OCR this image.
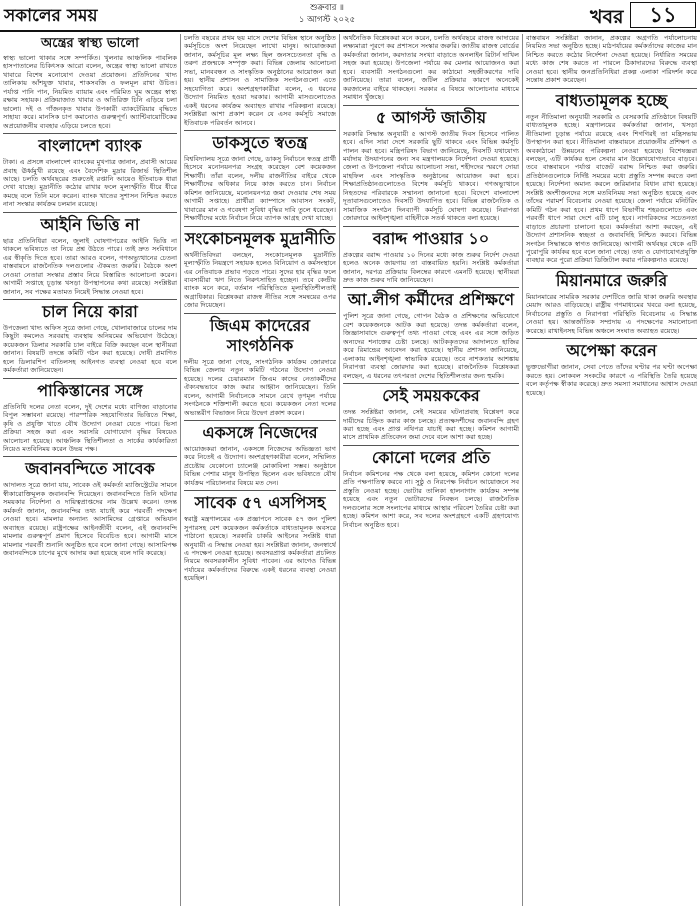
সকালের সময়	শুক্রবার ॥
১ আগস্ট ২০২৫	খবর	১১
অন্ত্রের স্বাস্থ্য ভালো
স্বাস্থ্য ভালো থাকার সঙ্গে সম্পর্কিত। খুলনার আঞ্চলিক পাবলিক হাসপাতালের চিকিৎসক আরো বলেন, অন্ত্রের স্বাস্থ্য ভালো রাখতে খাবারে বিশেষ মনোযোগ দেওয়া প্রয়োজন। প্রতিদিনের খাদ্য তালিকায় আঁশযুক্ত খাবার, শাকসবজি ও ফলমূল রাখা উচিত। পর্যাপ্ত পানি পান, নিয়মিত ব্যায়াম এবং পরিমিত ঘুম অন্ত্রের স্বাস্থ্য রক্ষায় সহায়ক। প্রক্রিয়াজাত খাবার ও অতিরিক্ত চিনি এড়িয়ে চলা ভালো। দই ও গাঁজনকৃত খাবার উপকারী ব্যাকটেরিয়ার বৃদ্ধিতে সাহায্য করে। মানসিক চাপ কমানোও গুরুত্বপূর্ণ। অ্যান্টিবায়োটিকের অপ্রয়োজনীয় ব্যবহার এড়িয়ে চলতে হবে।
বাংলাদেশ ব্যাংক
টাকা। এ প্রসঙ্গে বাংলাদেশ ব্যাংকের মুখপাত্র জানান, প্রবাসী আয়ের প্রবাহ ঊর্ধ্বমুখী রয়েছে এবং বৈদেশিক মুদ্রার রিজার্ভ স্থিতিশীল আছে। চলতি অর্থবছরের শুরুতেই রপ্তানি আয়েও ইতিবাচক ধারা দেখা যাচ্ছে। মুদ্রানীতি কঠোর রাখার ফলে মূল্যস্ফীতি ধীরে ধীরে কমছে বলে তিনি মনে করেন। ব্যাংক খাতের সুশাসন নিশ্চিত করতে নানা সংস্কার কার্যক্রম চলমান রয়েছে।
আইনি ভিত্তি না
ছাত্র প্রতিনিধিরা বলেন, জুলাই ঘোষণাপত্রের আইনি ভিত্তি না থাকলে ভবিষ্যতে তা নিয়ে প্রশ্ন উঠতে পারে। তাই দ্রুত সংবিধানে এর স্বীকৃতি দিতে হবে। তারা আরও বলেন, গণঅভ্যুত্থানের চেতনা বাস্তবায়নে রাজনৈতিক দলগুলোর ঐকমত্য জরুরি। বৈঠকে অংশ নেওয়া নেতারা সংস্কার প্রস্তাব নিয়ে বিস্তারিত আলোচনা করেন। আগামী সপ্তাহে চূড়ান্ত খসড়া উপস্থাপনের কথা রয়েছে। সংশ্লিষ্টরা জানান, সব পক্ষের মতামত নিয়েই সিদ্ধান্ত নেওয়া হবে।
চাল নিয়ে কারা
উপজেলা খাদ্য অফিস সূত্রে জানা গেছে, খোলাবাজারে চালের দাম কিছুটা কমলেও সরবরাহ ব্যবস্থায় অনিয়মের অভিযোগ উঠেছে। কয়েকজন ডিলার সরকারি চাল বাইরে বিক্রি করছেন বলে স্থানীয়রা জানান। বিষয়টি তদন্তে কমিটি গঠন করা হয়েছে। দোষী প্রমাণিত হলে ডিলারশিপ বাতিলসহ আইনগত ব্যবস্থা নেওয়া হবে বলে কর্মকর্তারা জানিয়েছেন।
পাকিস্তানের সঙ্গে
প্রতিনিধি দলের নেতা বলেন, দুই দেশের মধ্যে বাণিজ্য বাড়ানোর বিপুল সম্ভাবনা রয়েছে। পারস্পরিক সহযোগিতার ভিত্তিতে শিক্ষা, কৃষি ও প্রযুক্তি খাতে যৌথ উদ্যোগ নেওয়া যেতে পারে। ভিসা প্রক্রিয়া সহজ করা এবং সরাসরি যোগাযোগ বৃদ্ধির বিষয়েও আলোচনা হয়েছে। আঞ্চলিক স্থিতিশীলতা ও সার্কের কার্যকারিতা নিয়েও মতবিনিময় করেন উভয় পক্ষ।
জবানবন্দিতে সাবেক
আদালত সূত্রে জানা যায়, সাবেক ওই কর্মকর্তা ম্যাজিস্ট্রেটের সামনে স্বীকারোক্তিমূলক জবানবন্দি দিয়েছেন। জবানবন্দিতে তিনি ঘটনার সময়কার নির্দেশনা ও দায়িত্বপ্রাপ্তদের নাম উল্লেখ করেন। তদন্ত কর্মকর্তা জানান, জবানবন্দির তথ্য যাচাই করে পরবর্তী পদক্ষেপ নেওয়া হবে। মামলার অন্যান্য আসামিদের গ্রেপ্তারে অভিযান অব্যাহত রয়েছে। রাষ্ট্রপক্ষের আইনজীবী বলেন, এই জবানবন্দি মামলার গুরুত্বপূর্ণ প্রমাণ হিসেবে বিবেচিত হবে। আগামী মাসে মামলার পরবর্তী শুনানি অনুষ্ঠিত হবে বলে জানা গেছে। আসামিপক্ষ জবানবন্দিকে চাপের মুখে আদায় করা হয়েছে বলে দাবি করেছে।
চলতি বছরের প্রথম ছয় মাসে দেশের বিভিন্ন স্থানে অনুষ্ঠিত কর্মসূচিতে অংশ নিয়েছেন লাখো মানুষ। আয়োজকরা জানান, কর্মসূচির মূল লক্ষ্য ছিল জনসচেতনতা বৃদ্ধি ও তরুণ প্রজন্মকে সম্পৃক্ত করা। বিভিন্ন জেলায় আলোচনা সভা, মানববন্ধন ও সাংস্কৃতিক অনুষ্ঠানের আয়োজন করা হয়। স্থানীয় প্রশাসন ও সামাজিক সংগঠনগুলো এতে সহযোগিতা করে। অংশগ্রহণকারীরা বলেন, এ ধরনের উদ্যোগ নিয়মিত হওয়া দরকার। আগামী মাসগুলোতেও একই ধরনের কার্যক্রম অব্যাহত রাখার পরিকল্পনা রয়েছে। সংশ্লিষ্টরা আশা প্রকাশ করেন যে এসব কর্মসূচি সমাজে ইতিবাচক পরিবর্তন আনবে।
ডাকসুতে স্বতন্ত্র
বিশ্ববিদ্যালয় সূত্রে জানা গেছে, ডাকসু নির্বাচনে স্বতন্ত্র প্রার্থী হিসেবে মনোনয়নপত্র সংগ্রহ করেছেন বেশ কয়েকজন শিক্ষার্থী। তাঁরা বলেন, দলীয় রাজনীতির বাইরে থেকে শিক্ষার্থীদের অধিকার নিয়ে কাজ করতে চান। নির্বাচন কমিশন জানিয়েছে, মনোনয়নপত্র জমা দেওয়ার শেষ সময় আগামী সপ্তাহে। প্রার্থীরা ক্যাম্পাসে আবাসন সংকট, খাবারের মান ও গবেষণা সুবিধা বৃদ্ধির দাবি তুলে ধরেছেন। শিক্ষার্থীদের মধ্যে নির্বাচন নিয়ে ব্যাপক আগ্রহ দেখা যাচ্ছে।
সংকোচনমূলক মুদ্রানীতি
অর্থনীতিবিদরা বলছেন, সংকোচনমূলক মুদ্রানীতি মূল্যস্ফীতি নিয়ন্ত্রণে সহায়ক হলেও বিনিয়োগ ও কর্মসংস্থানে এর নেতিবাচক প্রভাব পড়তে পারে। সুদের হার বৃদ্ধির ফলে ব্যবসায়ীরা ঋণ নিতে নিরুৎসাহিত হচ্ছেন। তবে কেন্দ্রীয় ব্যাংক মনে করে, বর্তমান পরিস্থিতিতে মূল্যস্থিতিশীলতাই অগ্রাধিকার। বিশ্লেষকরা রাজস্ব নীতির সঙ্গে সমন্বয়ের ওপর জোর দিয়েছেন।
জিএম কাদেরের সাংগঠনিক
দলীয় সূত্রে জানা গেছে, সাংগঠনিক কার্যক্রম জোরদারে বিভিন্ন জেলায় নতুন কমিটি গঠনের উদ্যোগ নেওয়া হয়েছে। দলের চেয়ারম্যান জিএম কাদের নেতাকর্মীদের ঐক্যবদ্ধভাবে কাজ করার আহ্বান জানিয়েছেন। তিনি বলেন, আগামী নির্বাচনকে সামনে রেখে তৃণমূল পর্যায়ে সংগঠনকে শক্তিশালী করতে হবে। কয়েকজন নেতা দলের অভ্যন্তরীণ বিভাজন নিয়ে উদ্বেগ প্রকাশ করেন।
একসঙ্গে নিজেদের
আয়োজকরা জানান, একসঙ্গে নিজেদের অভিজ্ঞতা ভাগ করে নিতেই এ উদ্যোগ। অংশগ্রহণকারীরা বলেন, সম্মিলিত প্রচেষ্টায় যেকোনো চ্যালেঞ্জ মোকাবিলা সম্ভব। অনুষ্ঠানে বিভিন্ন পেশার মানুষ উপস্থিত ছিলেন এবং ভবিষ্যতে যৌথ কার্যক্রম পরিচালনার বিষয়ে মত দেন।
সাবেক ৫৭ এসপিসহ
স্বরাষ্ট্র মন্ত্রণালয়ের এক প্রজ্ঞাপনে সাবেক ৫৭ জন পুলিশ সুপারসহ বেশ কয়েকজন কর্মকর্তাকে বাধ্যতামূলক অবসরে পাঠানো হয়েছে। সরকারি চাকরি আইনের সংশ্লিষ্ট ধারা অনুযায়ী এ সিদ্ধান্ত নেওয়া হয়। সংশ্লিষ্টরা জানান, জনস্বার্থে এ পদক্ষেপ নেওয়া হয়েছে। অবসরপ্রাপ্ত কর্মকর্তারা প্রচলিত নিয়মে অবসরকালীন সুবিধা পাবেন। এর আগেও বিভিন্ন পর্যায়ের কর্মকর্তাদের বিরুদ্ধে একই ধরনের ব্যবস্থা নেওয়া হয়েছিল।
অর্থনৈতিক বিশ্লেষকরা মনে করেন, চলতি অর্থবছরে রাজস্ব আদায়ের লক্ষ্যমাত্রা পূরণে কর প্রশাসনে সংস্কার জরুরি। জাতীয় রাজস্ব বোর্ডের কর্মকর্তারা জানান, করদাতার সংখ্যা বাড়াতে অনলাইন রিটার্ন দাখিল সহজ করা হয়েছে। উপজেলা পর্যায়ে কর মেলার আয়োজনও করা হবে। ব্যবসায়ী সংগঠনগুলো কর কাঠামো সহজীকরণের দাবি জানিয়েছে। তারা বলেন, জটিল প্রক্রিয়ার কারণে অনেকেই করজালের বাইরে থাকছেন। সরকার এ বিষয়ে আলোচনার মাধ্যমে সমাধান খুঁজছে।
৫ আগস্ট জাতীয়
সরকারি সিদ্ধান্ত অনুযায়ী ৫ আগস্ট জাতীয় দিবস হিসেবে পালিত হবে। এদিন সারা দেশে সরকারি ছুটি থাকবে এবং বিভিন্ন কর্মসূচি পালন করা হবে। মন্ত্রিপরিষদ বিভাগ জানিয়েছে, দিবসটি যথাযোগ্য মর্যাদায় উদযাপনের জন্য সব মন্ত্রণালয়কে নির্দেশনা দেওয়া হয়েছে। জেলা ও উপজেলা পর্যায়ে আলোচনা সভা, শহীদদের স্মরণে দোয়া মাহফিল এবং সাংস্কৃতিক অনুষ্ঠানের আয়োজন করা হবে। শিক্ষাপ্রতিষ্ঠানগুলোতেও বিশেষ কর্মসূচি থাকবে। গণঅভ্যুত্থানে নিহতদের পরিবারকে সম্মাননা জানানো হবে। বিদেশে বাংলাদেশ দূতাবাসগুলোতেও দিবসটি উদযাপিত হবে। বিভিন্ন রাজনৈতিক ও সামাজিক সংগঠন দিনব্যাপী কর্মসূচি ঘোষণা করেছে। নিরাপত্তা জোরদারে আইনশৃঙ্খলা বাহিনীকে সতর্ক থাকতে বলা হয়েছে।
বরাদ্দ পাওয়ার ১০
প্রকল্পের বরাদ্দ পাওয়ার ১০ দিনের মধ্যে কাজ শুরুর নির্দেশ দেওয়া হলেও অনেক জায়গায় তা বাস্তবায়িত হয়নি। সংশ্লিষ্ট কর্মকর্তারা জানান, দরপত্র প্রক্রিয়ায় বিলম্বের কারণে এমনটি হয়েছে। স্থানীয়রা দ্রুত কাজ শুরুর দাবি জানিয়েছেন।
আ.লীগ কর্মীদের প্রশিক্ষণে
পুলিশ সূত্রে জানা গেছে, গোপন বৈঠক ও প্রশিক্ষণের অভিযোগে বেশ কয়েকজনকে আটক করা হয়েছে। তদন্ত কর্মকর্তারা বলেন, জিজ্ঞাসাবাদে গুরুত্বপূর্ণ তথ্য পাওয়া গেছে এবং এর সঙ্গে জড়িত অন্যদের শনাক্তের চেষ্টা চলছে। আটককৃতদের আদালতে হাজির করে রিমান্ডের আবেদন করা হয়েছে। স্থানীয় প্রশাসন জানিয়েছে, এলাকায় আইনশৃঙ্খলা স্বাভাবিক রয়েছে। তবে নাশকতার আশঙ্কায় নিরাপত্তা ব্যবস্থা জোরদার করা হয়েছে। রাজনৈতিক বিশ্লেষকরা বলছেন, এ ধরনের তৎপরতা দেশের স্থিতিশীলতার জন্য হুমকি।
সেই সময়ককের
তদন্ত সংশ্লিষ্টরা জানান, সেই সময়ের ঘটনাপ্রবাহ বিশ্লেষণ করে দায়ীদের চিহ্নিত করার কাজ চলছে। প্রত্যক্ষদর্শীদের জবানবন্দি গ্রহণ করা হচ্ছে এবং প্রাপ্ত নথিপত্র যাচাই করা হচ্ছে। কমিশন আগামী মাসে প্রাথমিক প্রতিবেদন জমা দেবে বলে আশা করা হচ্ছে।
কোনো দলের প্রতি
নির্বাচন কমিশনের পক্ষ থেকে বলা হয়েছে, কমিশন কোনো দলের প্রতি পক্ষপাতিত্ব করবে না। সুষ্ঠু ও নিরপেক্ষ নির্বাচন আয়োজনে সব প্রস্তুতি নেওয়া হচ্ছে। ভোটার তালিকা হালনাগাদ কার্যক্রম সম্পন্ন হয়েছে এবং নতুন ভোটারদের নিবন্ধন চলছে। রাজনৈতিক দলগুলোর সঙ্গে সংলাপের মাধ্যমে আস্থার পরিবেশ তৈরির চেষ্টা করা হচ্ছে। কমিশন আশা করে, সব দলের অংশগ্রহণে একটি গ্রহণযোগ্য নির্বাচন অনুষ্ঠিত হবে।
বাস্তবায়ন সংশ্লিষ্টরা জানান, প্রকল্পের অগ্রগতি পর্যালোচনায় নিয়মিত সভা অনুষ্ঠিত হচ্ছে। মাঠপর্যায়ের কর্মকর্তাদের কাজের মান নিশ্চিত করতে কঠোর নির্দেশনা দেওয়া হয়েছে। নির্ধারিত সময়ের মধ্যে কাজ শেষ করতে না পারলে ঠিকাদারদের বিরুদ্ধে ব্যবস্থা নেওয়া হবে। স্থানীয় জনপ্রতিনিধিরা প্রকল্প এলাকা পরিদর্শন করে সন্তোষ প্রকাশ করেছেন।
বাধ্যতামূলক হচ্ছে
নতুন নীতিমালা অনুযায়ী সরকারি ও বেসরকারি প্রতিষ্ঠানে বিষয়টি বাধ্যতামূলক হচ্ছে। মন্ত্রণালয়ের কর্মকর্তারা জানান, খসড়া নীতিমালা চূড়ান্ত পর্যায়ে রয়েছে এবং শিগগিরই তা মন্ত্রিসভায় উপস্থাপন করা হবে। নীতিমালা বাস্তবায়নে প্রয়োজনীয় প্রশিক্ষণ ও অবকাঠামো উন্নয়নের পরিকল্পনা নেওয়া হয়েছে। বিশেষজ্ঞরা বলছেন, এটি কার্যকর হলে সেবার মান উল্লেখযোগ্যভাবে বাড়বে। তবে বাস্তবায়নে পর্যাপ্ত বাজেট বরাদ্দ নিশ্চিত করা জরুরি। প্রতিষ্ঠানগুলোকে নির্দিষ্ট সময়ের মধ্যে প্রস্তুতি সম্পন্ন করতে বলা হয়েছে। নির্দেশনা অমান্য করলে জরিমানার বিধান রাখা হয়েছে। সংশ্লিষ্ট অংশীজনদের সঙ্গে মতবিনিময় সভা অনুষ্ঠিত হয়েছে এবং তাঁদের পরামর্শ বিবেচনায় নেওয়া হয়েছে। জেলা পর্যায়ে মনিটরিং কমিটি গঠন করা হবে। প্রথম ধাপে বিভাগীয় শহরগুলোতে এবং পরবর্তী ধাপে সারা দেশে এটি চালু হবে। নাগরিকদের সচেতনতা বাড়াতে প্রচারণা চালানো হবে। কর্মকর্তারা আশা করছেন, এই উদ্যোগ প্রশাসনিক স্বচ্ছতা ও জবাবদিহি নিশ্চিত করবে। বিভিন্ন সংগঠন সিদ্ধান্তকে স্বাগত জানিয়েছে। আগামী অর্থবছর থেকে এটি পুরোপুরি কার্যকর হবে বলে জানা গেছে। তথ্য ও যোগাযোগপ্রযুক্তি ব্যবহার করে পুরো প্রক্রিয়া ডিজিটাল করার পরিকল্পনাও রয়েছে।
মিয়ানমারে জরুরি
মিয়ানমারের সামরিক সরকার দেশটিতে জারি থাকা জরুরি অবস্থার মেয়াদ আরও বাড়িয়েছে। রাষ্ট্রীয় গণমাধ্যমের খবরে বলা হয়েছে, নির্বাচনের প্রস্তুতি ও নিরাপত্তা পরিস্থিতি বিবেচনায় এ সিদ্ধান্ত নেওয়া হয়। আন্তর্জাতিক সম্প্রদায় এ পদক্ষেপের সমালোচনা করেছে। রাখাইনসহ বিভিন্ন অঞ্চলে সংঘাত অব্যাহত রয়েছে।
অপেক্ষা করেন
ভুক্তভোগীরা জানান, সেবা পেতে তাঁদের ঘণ্টার পর ঘণ্টা অপেক্ষা করতে হয়। লোকবল সংকটের কারণে এ পরিস্থিতি তৈরি হয়েছে বলে কর্তৃপক্ষ স্বীকার করেছে। দ্রুত সমস্যা সমাধানের আশ্বাস দেওয়া হয়েছে।
